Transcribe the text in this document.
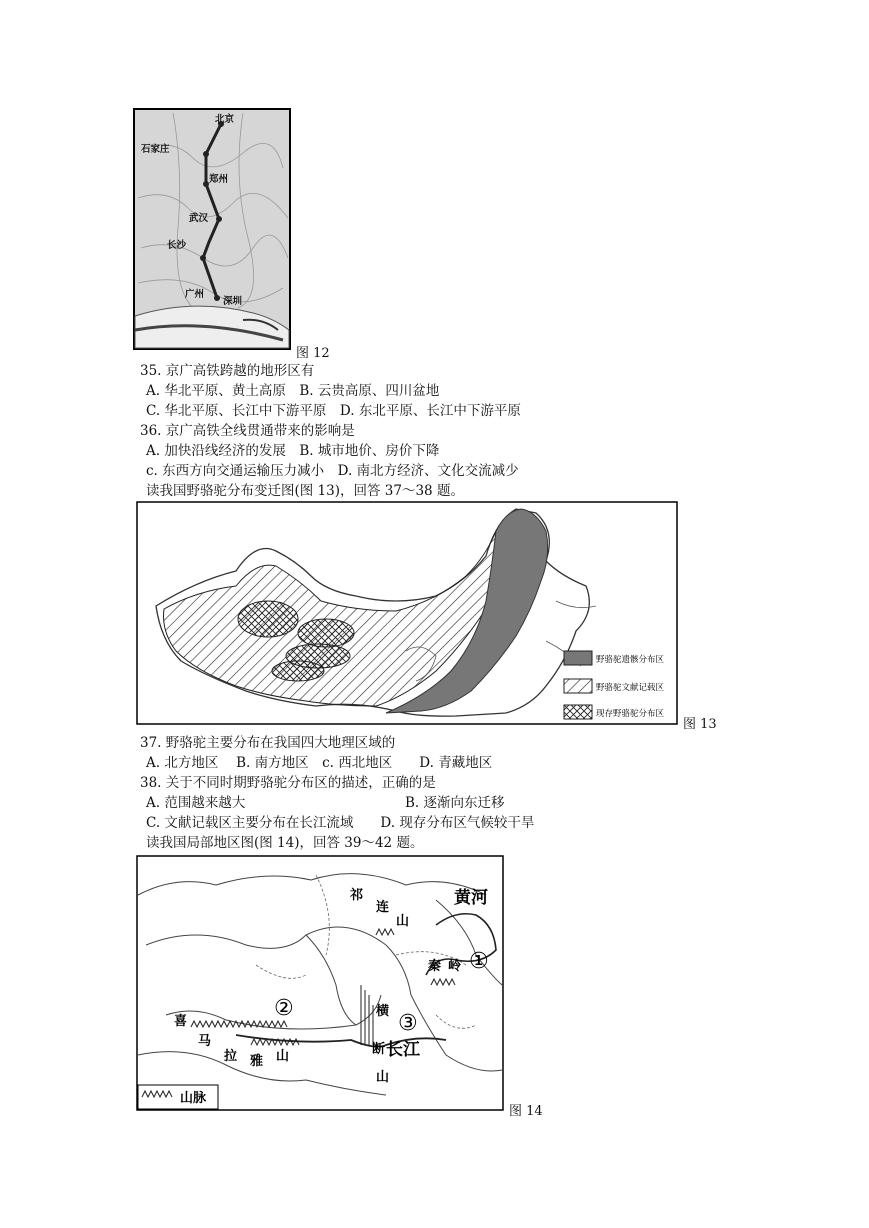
北京
石家庄
郑州
武汉
长沙
广州
深圳
图 12
35. 京广高铁跨越的地形区有
A. 华北平原、黄土高原　B. 云贵高原、四川盆地
C. 华北平原、长江中下游平原　D. 东北平原、长江中下游平原
36. 京广高铁全线贯通带来的影响是
A. 加快沿线经济的发展　B. 城市地价、房价下降
c. 东西方向交通运输压力减小　D. 南北方经济、文化交流减少
读我国野骆驼分布变迁图(图 13)，回答 37～38 题。
野骆驼遗骸分布区
野骆驼文献记载区
现存野骆驼分布区
图 13
37. 野骆驼主要分布在我国四大地理区域的
A. 北方地区　 B. 南方地区　c. 西北地区　　D. 青藏地区
38. 关于不同时期野骆驼分布区的描述，正确的是
A. 范围越来越大	B. 逐渐向东迁移
C. 文献记载区主要分布在长江流域　　D. 现存分布区气候较干旱
读我国局部地区图(图 14)，回答 39～42 题。
黄河
祁
连
山
秦 岭
喜
马
拉 雅 山
横
断
山
长江
①
②
③
山脉
图 14
